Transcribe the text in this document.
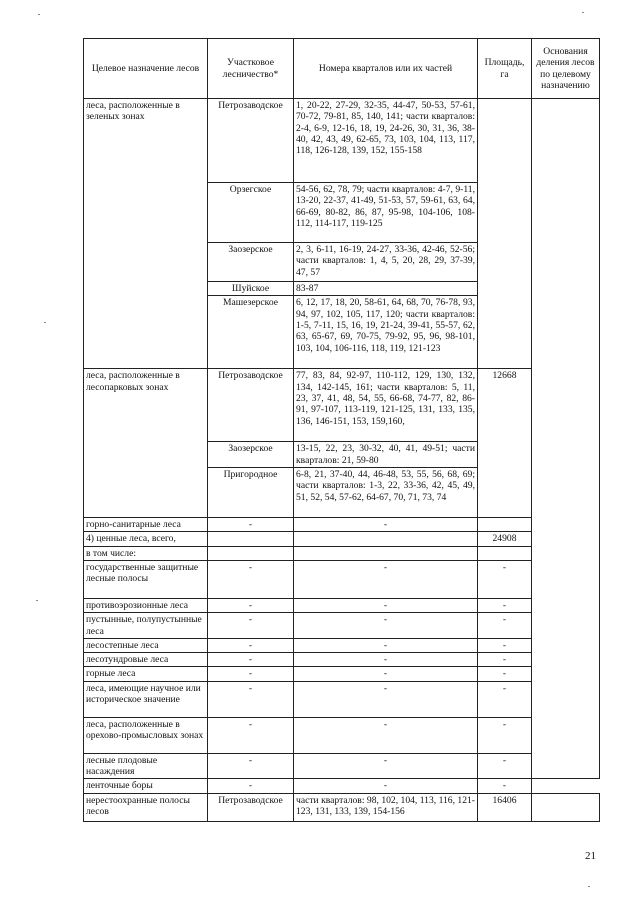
Целевое назначение лесов	Участковое лесничество*	Номера кварталов или их частей	Площадь, га	Основания деления лесов по целевому назначению
леса, расположенные в зеленых зонах	Петрозаводское	1, 20-22, 27-29, 32-35, 44-47, 50-53, 57-61, 70-72, 79-81, 85, 140, 141; части кварталов: 2-4, 6-9, 12-16, 18, 19, 24-26, 30, 31, 36, 38-40, 42, 43, 49, 62-65, 73, 103, 104, 113, 117, 118, 126-128, 139, 152, 155-158		
	Орзегское	54-56, 62, 78, 79; части кварталов: 4-7, 9-11, 13-20, 22-37, 41-49, 51-53, 57, 59-61, 63, 64, 66-69, 80-82, 86, 87, 95-98, 104-106, 108-112, 114-117, 119-125		
	Заозерское	2, 3, 6-11, 16-19, 24-27, 33-36, 42-46, 52-56; части кварталов: 1, 4, 5, 20, 28, 29, 37-39, 47, 57		
	Шуйское	83-87		
	Машезерское	6, 12, 17, 18, 20, 58-61, 64, 68, 70, 76-78, 93, 94, 97, 102, 105, 117, 120; части кварталов: 1-5, 7-11, 15, 16, 19, 21-24, 39-41, 55-57, 62, 63, 65-67, 69, 70-75, 79-92, 95, 96, 98-101, 103, 104, 106-116, 118, 119, 121-123		
леса, расположенные в лесопарковых зонах	Петрозаводское	77, 83, 84, 92-97, 110-112, 129, 130, 132, 134, 142-145, 161; части кварталов: 5, 11, 23, 37, 41, 48, 54, 55, 66-68, 74-77, 82, 86-91, 97-107, 113-119, 121-125, 131, 133, 135, 136, 146-151, 153, 159,160,	12668	
	Заозерское	13-15, 22, 23, 30-32, 40, 41, 49-51; части кварталов: 21, 59-80		
	Пригородное	6-8, 21, 37-40, 44, 46-48, 53, 55, 56, 68, 69; части кварталов: 1-3, 22, 33-36, 42, 45, 49, 51, 52, 54, 57-62, 64-67, 70, 71, 73, 74		
горно-санитарные леса	-	-		
4) ценные леса, всего,			24908	
в том числе:				
государственные защитные лесные полосы	-	-	-	
противоэрозионные леса	-	-	-	
пустынные, полупустынные леса	-	-	-	
лесостепные леса	-	-	-	
лесотундровые леса	-	-	-	
горные леса	-	-	-	
леса, имеющие научное или историческое значение	-	-	-	
леса, расположенные в орехово-промысловых зонах	-	-	-	
лесные плодовые насаждения	-	-	-	
ленточные боры	-	-	-	
нерестоохранные полосы лесов	Петрозаводское	части кварталов: 98, 102, 104, 113, 116, 121-123, 131, 133, 139, 154-156	16406	
21
